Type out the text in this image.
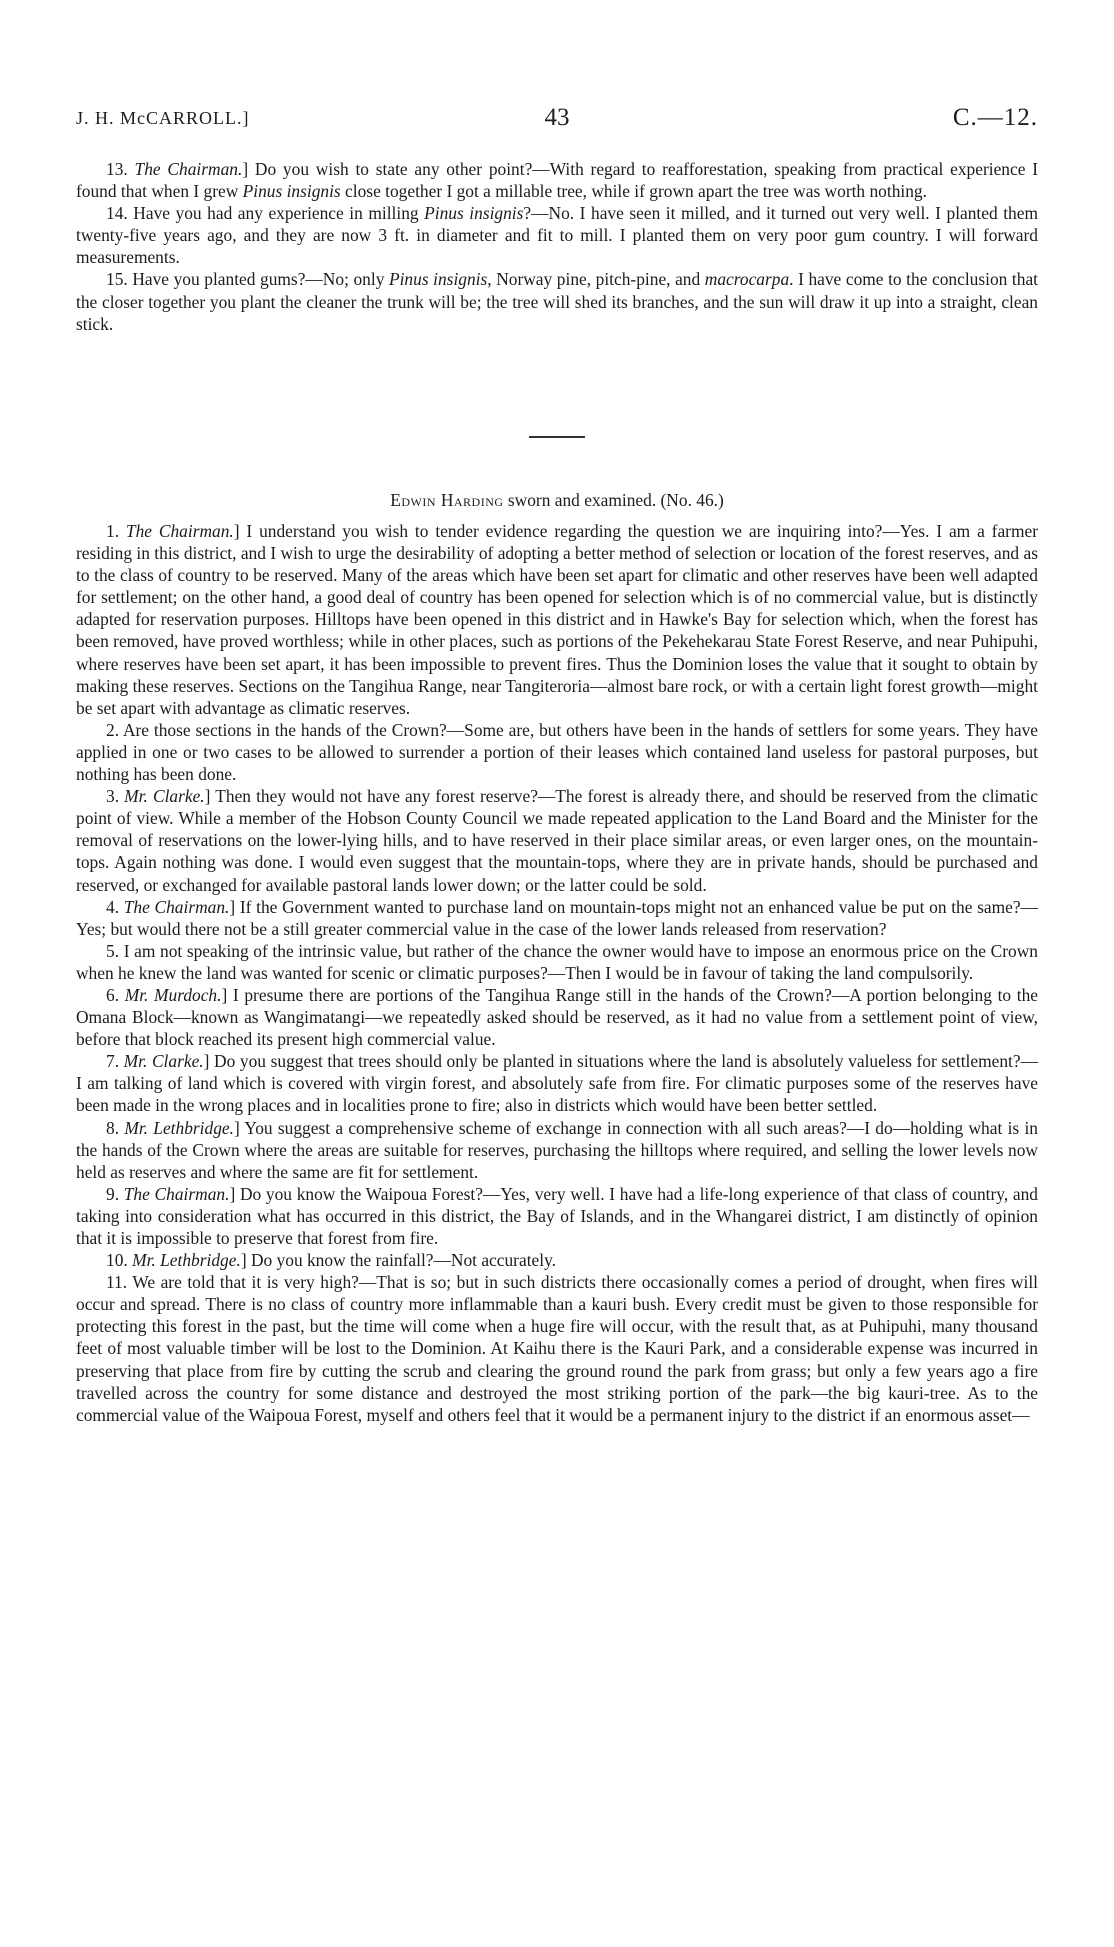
J. H. McCARROLL.]	43	C.—12.

13. The Chairman.] Do you wish to state any other point?—With regard to reafforestation, speaking from practical experience I found that when I grew Pinus insignis close together I got a millable tree, while if grown apart the tree was worth nothing.

14. Have you had any experience in milling Pinus insignis?—No. I have seen it milled, and it turned out very well. I planted them twenty-five years ago, and they are now 3 ft. in diameter and fit to mill. I planted them on very poor gum country. I will forward measurements.

15. Have you planted gums?—No; only Pinus insignis, Norway pine, pitch-pine, and macrocarpa. I have come to the conclusion that the closer together you plant the cleaner the trunk will be; the tree will shed its branches, and the sun will draw it up into a straight, clean stick.

Edwin Harding sworn and examined. (No. 46.)

1. The Chairman.] I understand you wish to tender evidence regarding the question we are inquiring into?—Yes. I am a farmer residing in this district, and I wish to urge the desirability of adopting a better method of selection or location of the forest reserves, and as to the class of country to be reserved. Many of the areas which have been set apart for climatic and other reserves have been well adapted for settlement; on the other hand, a good deal of country has been opened for selection which is of no commercial value, but is distinctly adapted for reservation purposes. Hilltops have been opened in this district and in Hawke's Bay for selection which, when the forest has been removed, have proved worthless; while in other places, such as portions of the Pekehekarau State Forest Reserve, and near Puhipuhi, where reserves have been set apart, it has been impossible to prevent fires. Thus the Dominion loses the value that it sought to obtain by making these reserves. Sections on the Tangihua Range, near Tangiteroria—almost bare rock, or with a certain light forest growth—might be set apart with advantage as climatic reserves.

2. Are those sections in the hands of the Crown?—Some are, but others have been in the hands of settlers for some years. They have applied in one or two cases to be allowed to surrender a portion of their leases which contained land useless for pastoral purposes, but nothing has been done.

3. Mr. Clarke.] Then they would not have any forest reserve?—The forest is already there, and should be reserved from the climatic point of view. While a member of the Hobson County Council we made repeated application to the Land Board and the Minister for the removal of reservations on the lower-lying hills, and to have reserved in their place similar areas, or even larger ones, on the mountain-tops. Again nothing was done. I would even suggest that the mountain-tops, where they are in private hands, should be purchased and reserved, or exchanged for available pastoral lands lower down; or the latter could be sold.

4. The Chairman.] If the Government wanted to purchase land on mountain-tops might not an enhanced value be put on the same?—Yes; but would there not be a still greater commercial value in the case of the lower lands released from reservation?

5. I am not speaking of the intrinsic value, but rather of the chance the owner would have to impose an enormous price on the Crown when he knew the land was wanted for scenic or climatic purposes?—Then I would be in favour of taking the land compulsorily.

6. Mr. Murdoch.] I presume there are portions of the Tangihua Range still in the hands of the Crown?—A portion belonging to the Omana Block—known as Wangimatangi—we repeatedly asked should be reserved, as it had no value from a settlement point of view, before that block reached its present high commercial value.

7. Mr. Clarke.] Do you suggest that trees should only be planted in situations where the land is absolutely valueless for settlement?—I am talking of land which is covered with virgin forest, and absolutely safe from fire. For climatic purposes some of the reserves have been made in the wrong places and in localities prone to fire; also in districts which would have been better settled.

8. Mr. Lethbridge.] You suggest a comprehensive scheme of exchange in connection with all such areas?—I do—holding what is in the hands of the Crown where the areas are suitable for reserves, purchasing the hilltops where required, and selling the lower levels now held as reserves and where the same are fit for settlement.

9. The Chairman.] Do you know the Waipoua Forest?—Yes, very well. I have had a life-long experience of that class of country, and taking into consideration what has occurred in this district, the Bay of Islands, and in the Whangarei district, I am distinctly of opinion that it is impossible to preserve that forest from fire.

10. Mr. Lethbridge.] Do you know the rainfall?—Not accurately.

11. We are told that it is very high?—That is so; but in such districts there occasionally comes a period of drought, when fires will occur and spread. There is no class of country more inflammable than a kauri bush. Every credit must be given to those responsible for protecting this forest in the past, but the time will come when a huge fire will occur, with the result that, as at Puhipuhi, many thousand feet of most valuable timber will be lost to the Dominion. At Kaihu there is the Kauri Park, and a considerable expense was incurred in preserving that place from fire by cutting the scrub and clearing the ground round the park from grass; but only a few years ago a fire travelled across the country for some distance and destroyed the most striking portion of the park—the big kauri-tree. As to the commercial value of the Waipoua Forest, myself and others feel that it would be a permanent injury to the district if an enormous asset—
